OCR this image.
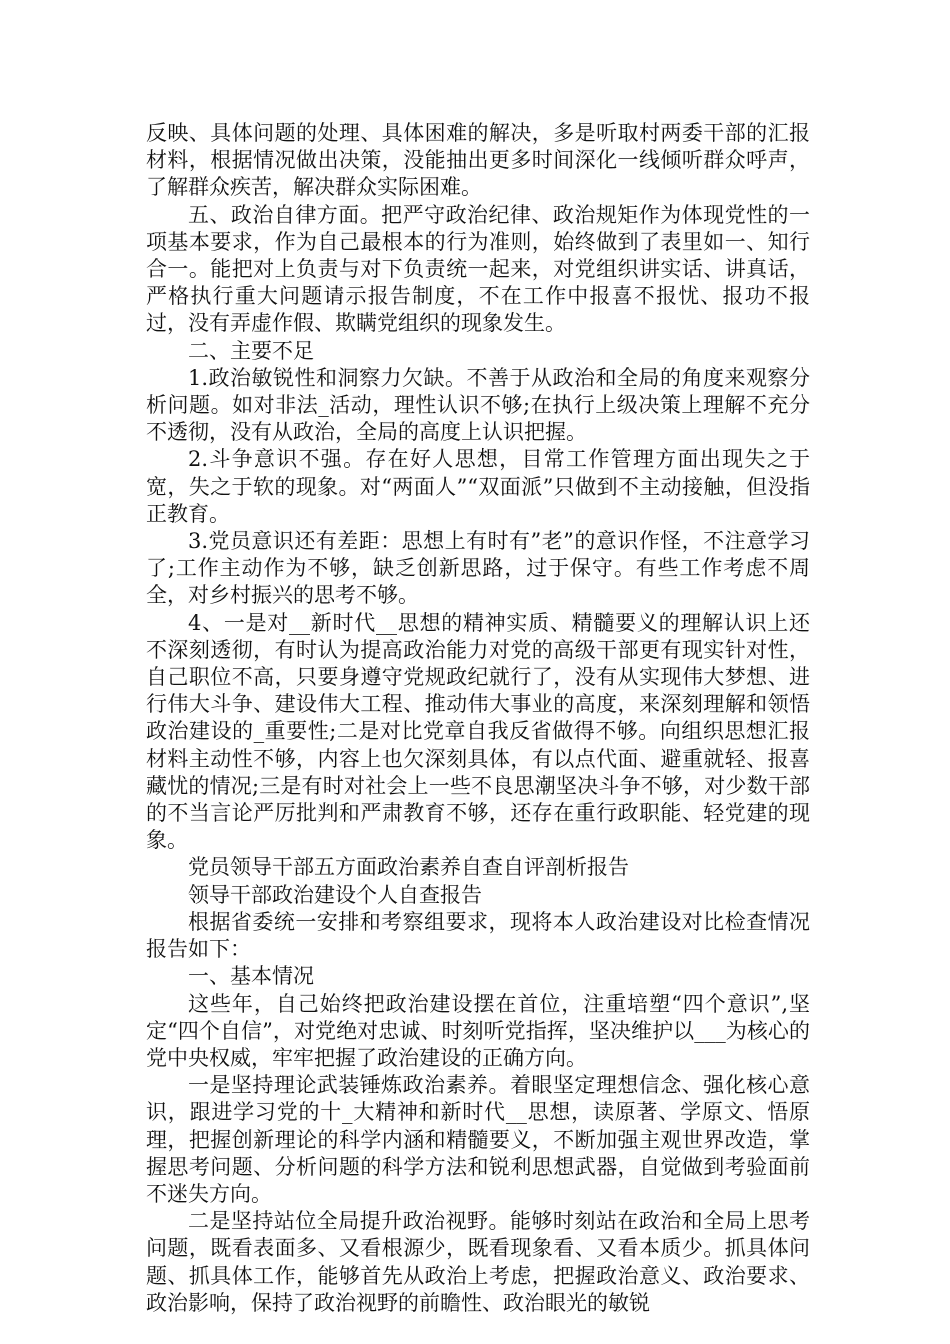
反映、具体问题的处理、具体困难的解决，多是听取村两委干部的汇报材料，根据情况做出决策，没能抽出更多时间深化一线倾听群众呼声，了解群众疾苦，解决群众实际困难。

五、政治自律方面。把严守政治纪律、政治规矩作为体现党性的一项基本要求，作为自己最根本的行为准则，始终做到了表里如一、知行合一。能把对上负责与对下负责统一起来，对党组织讲实话、讲真话，严格执行重大问题请示报告制度，不在工作中报喜不报忧、报功不报过，没有弄虚作假、欺瞒党组织的现象发生。

二、主要不足

1.政治敏锐性和洞察力欠缺。不善于从政治和全局的角度来观察分析问题。如对非法_活动，理性认识不够;在执行上级决策上理解不充分不透彻，没有从政治，全局的高度上认识把握。

2.斗争意识不强。存在好人思想，目常工作管理方面出现失之于宽，失之于软的现象。对“两面人”“双面派”只做到不主动接触，但没指正教育。

3.党员意识还有差距：思想上有时有”老”的意识作怪，不注意学习了;工作主动作为不够，缺乏创新思路，过于保守。有些工作考虑不周全，对乡村振兴的思考不够。

4、一是对__新时代__思想的精神实质、精髓要义的理解认识上还不深刻透彻，有时认为提高政治能力对党的高级干部更有现实针对性，自己职位不高，只要身遵守党规政纪就行了，没有从实现伟大梦想、进行伟大斗争、建设伟大工程、推动伟大事业的高度，来深刻理解和领悟政治建设的_重要性;二是对比党章自我反省做得不够。向组织思想汇报材料主动性不够，内容上也欠深刻具体，有以点代面、避重就轻、报喜藏忧的情况;三是有时对社会上一些不良思潮坚决斗争不够，对少数干部的不当言论严厉批判和严肃教育不够，还存在重行政职能、轻党建的现象。

党员领导干部五方面政治素养自查自评剖析报告

领导干部政治建设个人自查报告

根据省委统一安排和考察组要求，现将本人政治建设对比检查情况报告如下：

一、基本情况

这些年，自己始终把政治建设摆在首位，注重培塑“四个意识”,坚定“四个自信”，对党绝对忠诚、时刻听党指挥，坚决维护以___为核心的党中央权威，牢牢把握了政治建设的正确方向。

一是坚持理论武装锤炼政治素养。着眼坚定理想信念、强化核心意识，跟进学习党的十_大精神和新时代__思想，读原著、学原文、悟原理，把握创新理论的科学内涵和精髓要义，不断加强主观世界改造，掌握思考问题、分析问题的科学方法和锐利思想武器，自觉做到考验面前不迷失方向。

二是坚持站位全局提升政治视野。能够时刻站在政治和全局上思考问题，既看表面多、又看根源少，既看现象看、又看本质少。抓具体问题、抓具体工作，能够首先从政治上考虑，把握政治意义、政治要求、政治影响，保持了政治视野的前瞻性、政治眼光的敏锐
